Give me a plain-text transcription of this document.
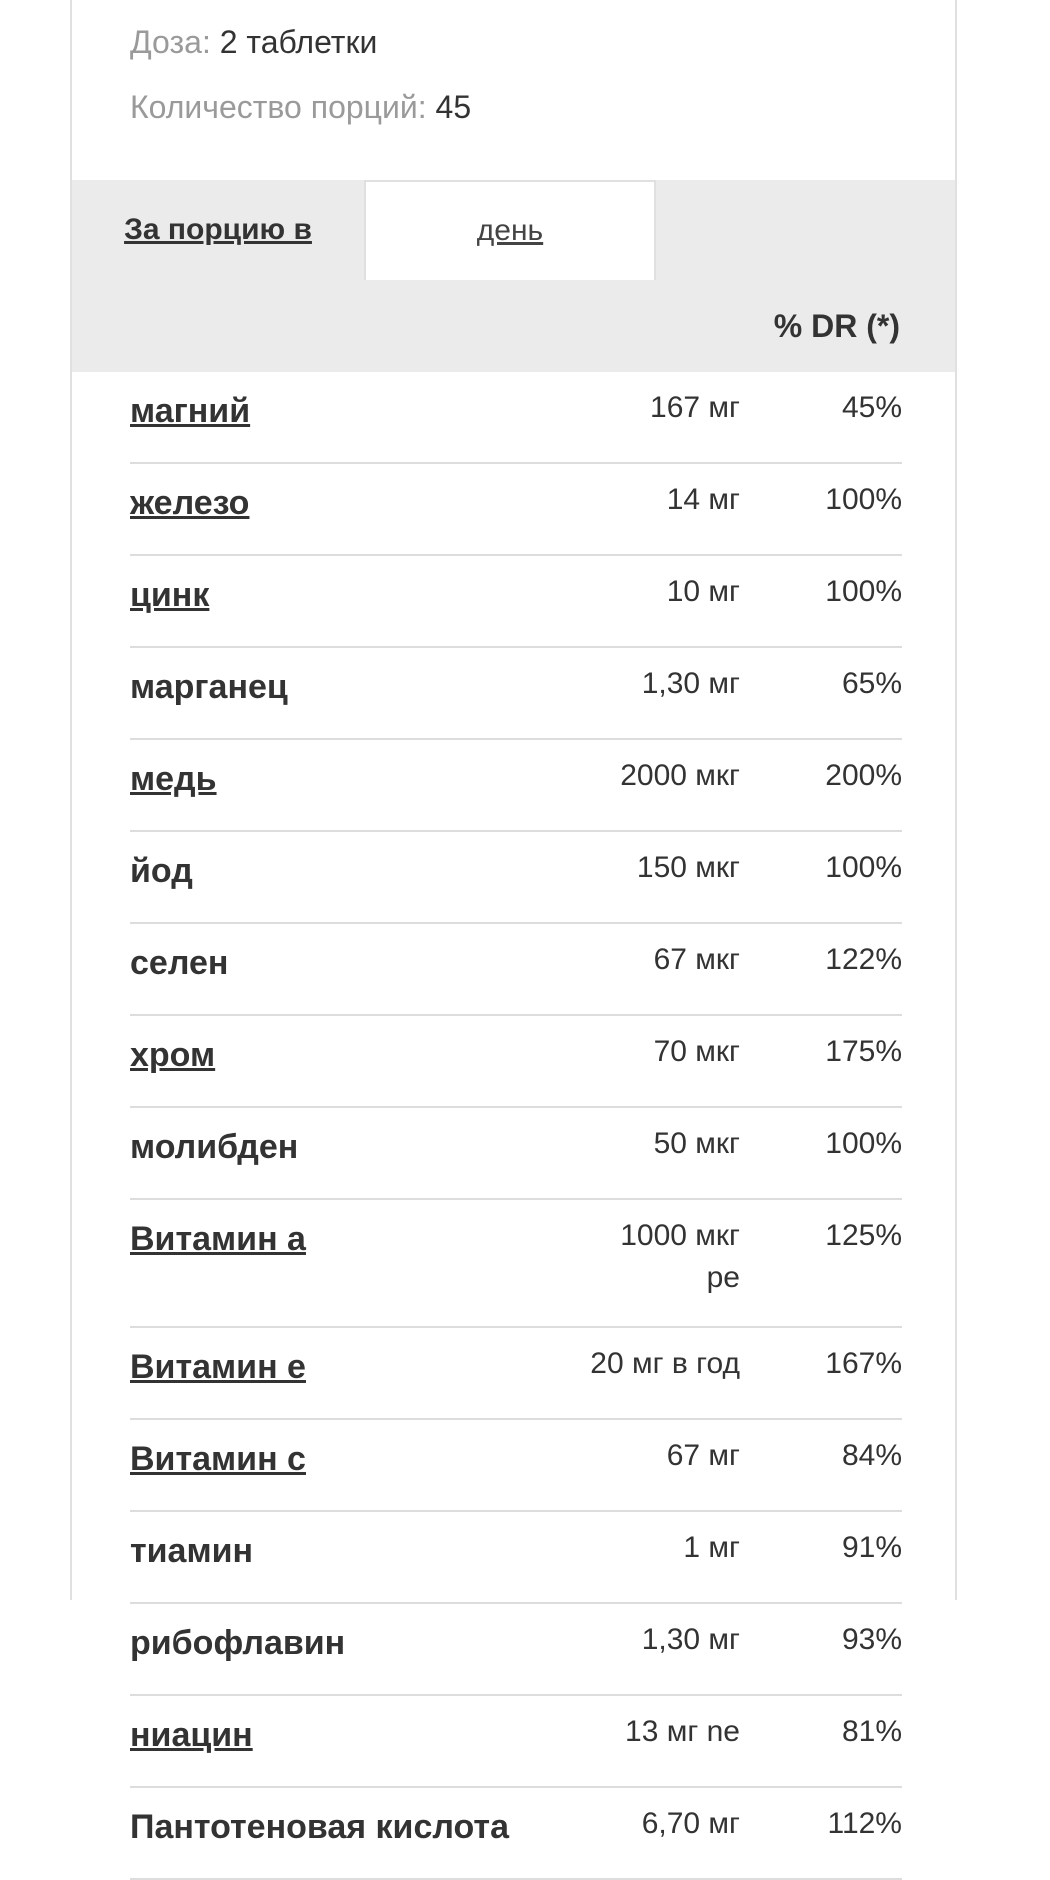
Доза: 2 таблетки
Количество порций: 45
За порцию в	день
% DR (*)
магний	167 мг	45%
железо	14 мг	100%
цинк	10 мг	100%
марганец	1,30 мг	65%
медь	2000 мкг	200%
йод	150 мкг	100%
селен	67 мкг	122%
хром	70 мкг	175%
молибден	50 мкг	100%
Витамин а	1000 мкг ре	125%
Витамин е	20 мг в год	167%
Витамин с	67 мг	84%
тиамин	1 мг	91%
рибофлавин	1,30 мг	93%
ниацин	13 мг ne	81%
Пантотеновая кислота	6,70 мг	112%
